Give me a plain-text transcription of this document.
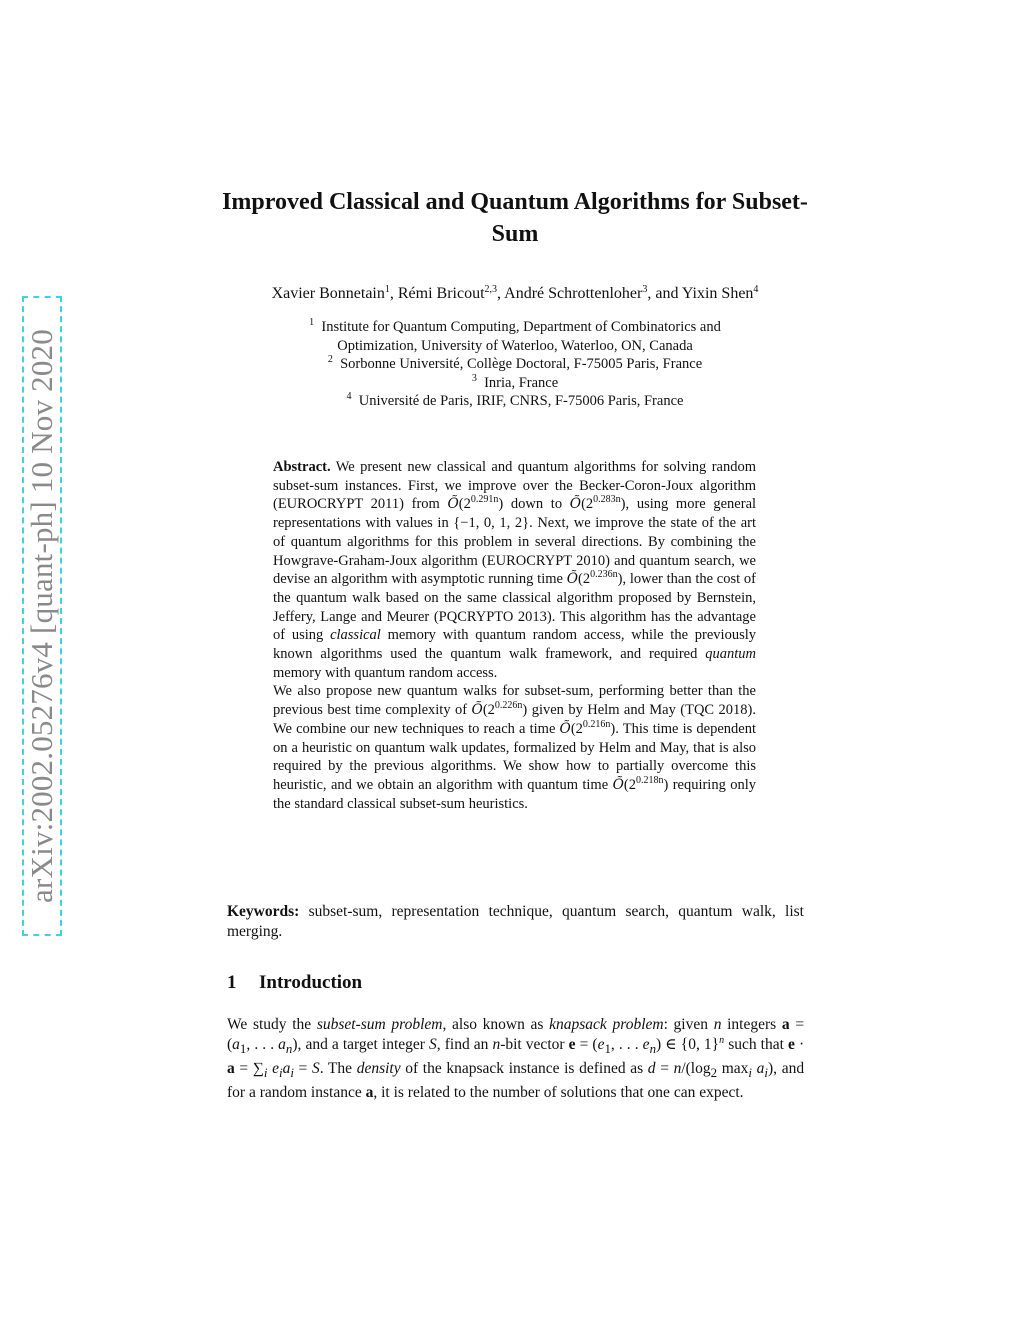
arXiv:2002.05276v4 [quant-ph] 10 Nov 2020
Improved Classical and Quantum Algorithms for Subset-Sum
Xavier Bonnetain$^1$, Rémi Bricout$^{2,3}$, André Schrottenloher$^3$, and Yixin Shen$^4$
$^1$ Institute for Quantum Computing, Department of Combinatorics and
Optimization, University of Waterloo, Waterloo, ON, Canada
$^2$ Sorbonne Université, Collège Doctoral, F-75005 Paris, France
$^3$ Inria, France
$^4$ Université de Paris, IRIF, CNRS, F-75006 Paris, France

Abstract. We present new classical and quantum algorithms for solving random subset-sum instances. First, we improve over the Becker-Coron-Joux algorithm (EUROCRYPT 2011) from $Õ(2^{0.291n})$ down to $Õ(2^{0.283n})$, using more general representations with values in {−1, 0, 1, 2}. Next, we improve the state of the art of quantum algorithms for this problem in several directions. By combining the Howgrave-Graham-Joux algorithm (EUROCRYPT 2010) and quantum search, we devise an algorithm with asymptotic running time $Õ(2^{0.236n})$, lower than the cost of the quantum walk based on the same classical algorithm proposed by Bernstein, Jeffery, Lange and Meurer (PQCRYPTO 2013). This algorithm has the advantage of using classical memory with quantum random access, while the previously known algorithms used the quantum walk framework, and required quantum memory with quantum random access.

We also propose new quantum walks for subset-sum, performing better than the previous best time complexity of $Õ(2^{0.226n})$ given by Helm and May (TQC 2018). We combine our new techniques to reach a time $Õ(2^{0.216n})$. This time is dependent on a heuristic on quantum walk updates, formalized by Helm and May, that is also required by the previous algorithms. We show how to partially overcome this heuristic, and we obtain an algorithm with quantum time $Õ(2^{0.218n})$ requiring only the standard classical subset-sum heuristics.

Keywords: subset-sum, representation technique, quantum search, quantum walk, list merging.

1 Introduction

We study the subset-sum problem, also known as knapsack problem: given n integers $a = (a_1$, . . . $a_n$), and a target integer S, find an n-bit vector $e = (e_1$, . . . $e_n$) ∈ {0, 1}$^n$ such that $e \cdot a = \sum_i$ $e_ia_i = S$. The density of the knapsack instance is defined as $d = n/(\log_2$ $\max_i a_i$), and for a random instance a, it is related to the number of solutions that one can expect.
